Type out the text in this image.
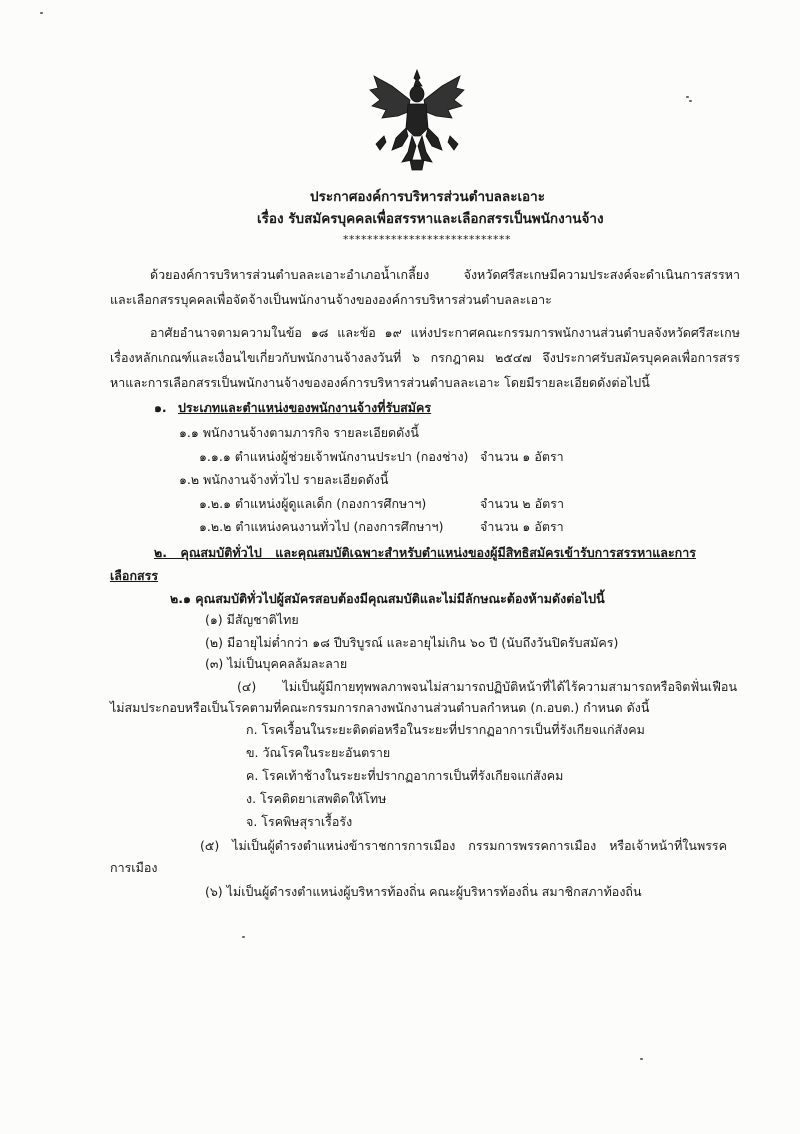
ประกาศองค์การบริหารส่วนตำบลละเอาะ
เรื่อง รับสมัครบุคคลเพื่อสรรหาและเลือกสรรเป็นพนักงานจ้าง
****************************
ด้วยองค์การบริหารส่วนตำบลละเอาะอำเภอน้ำเกลี้ยง จังหวัดศรีสะเกษมีความประสงค์จะดำเนินการสรรหา
และเลือกสรรบุคคลเพื่อจัดจ้างเป็นพนักงานจ้างขององค์การบริหารส่วนตำบลละเอาะ
อาศัยอำนาจตามความในข้อ ๑๘ และข้อ ๑๙ แห่งประกาศคณะกรรมการพนักงานส่วนตำบลจังหวัดศรีสะเกษ
เรื่องหลักเกณฑ์และเงื่อนไขเกี่ยวกับพนักงานจ้างลงวันที่ ๖ กรกฎาคม ๒๕๔๗ จึงประกาศรับสมัครบุคคลเพื่อการสรร
หาและการเลือกสรรเป็นพนักงานจ้างขององค์การบริหารส่วนตำบลละเอาะ โดยมีรายละเอียดดังต่อไปนี้
๑. ประเภทและตำแหน่งของพนักงานจ้างที่รับสมัคร
๑.๑ พนักงานจ้างตามภารกิจ รายละเอียดดังนี้
๑.๑.๑ ตำแหน่งผู้ช่วยเจ้าพนักงานประปา (กองช่าง) จำนวน ๑ อัตรา
๑.๒ พนักงานจ้างทั่วไป รายละเอียดดังนี้
๑.๒.๑ ตำแหน่งผู้ดูแลเด็ก (กองการศึกษาฯ)	จำนวน ๒ อัตรา
๑.๒.๒ ตำแหน่งคนงานทั่วไป (กองการศึกษาฯ)	จำนวน ๑ อัตรา
๒. คุณสมบัติทั่วไป และคุณสมบัติเฉพาะสำหรับตำแหน่งของผู้มีสิทธิสมัครเข้ารับการสรรหาและการ
เลือกสรร
๒.๑ คุณสมบัติทั่วไปผู้สมัครสอบต้องมีคุณสมบัติและไม่มีลักษณะต้องห้ามดังต่อไปนี้
(๑) มีสัญชาติไทย
(๒) มีอายุไม่ต่ำกว่า ๑๘ ปีบริบูรณ์ และอายุไม่เกิน ๖๐ ปี (นับถึงวันปิดรับสมัคร)
(๓) ไม่เป็นบุคคลล้มละลาย
(๔) ไม่เป็นผู้มีกายทุพพลภาพจนไม่สามารถปฏิบัติหน้าที่ได้ไร้ความสามารถหรือจิตฟั่นเฟือน
ไม่สมประกอบหรือเป็นโรคตามที่คณะกรรมการกลางพนักงานส่วนตำบลกำหนด (ก.อบต.) กำหนด ดังนี้
ก. โรคเรื้อนในระยะติดต่อหรือในระยะที่ปรากฏอาการเป็นที่รังเกียจแก่สังคม
ข. วัณโรคในระยะอันตราย
ค. โรคเท้าช้างในระยะที่ปรากฏอาการเป็นที่รังเกียจแก่สังคม
ง. โรคติดยาเสพติดให้โทษ
จ. โรคพิษสุราเรื้อรัง
(๕) ไม่เป็นผู้ดำรงตำแหน่งข้าราชการการเมือง กรรมการพรรคการเมือง หรือเจ้าหน้าที่ในพรรค
การเมือง
(๖) ไม่เป็นผู้ดำรงตำแหน่งผู้บริหารท้องถิ่น คณะผู้บริหารท้องถิ่น สมาชิกสภาท้องถิ่น
